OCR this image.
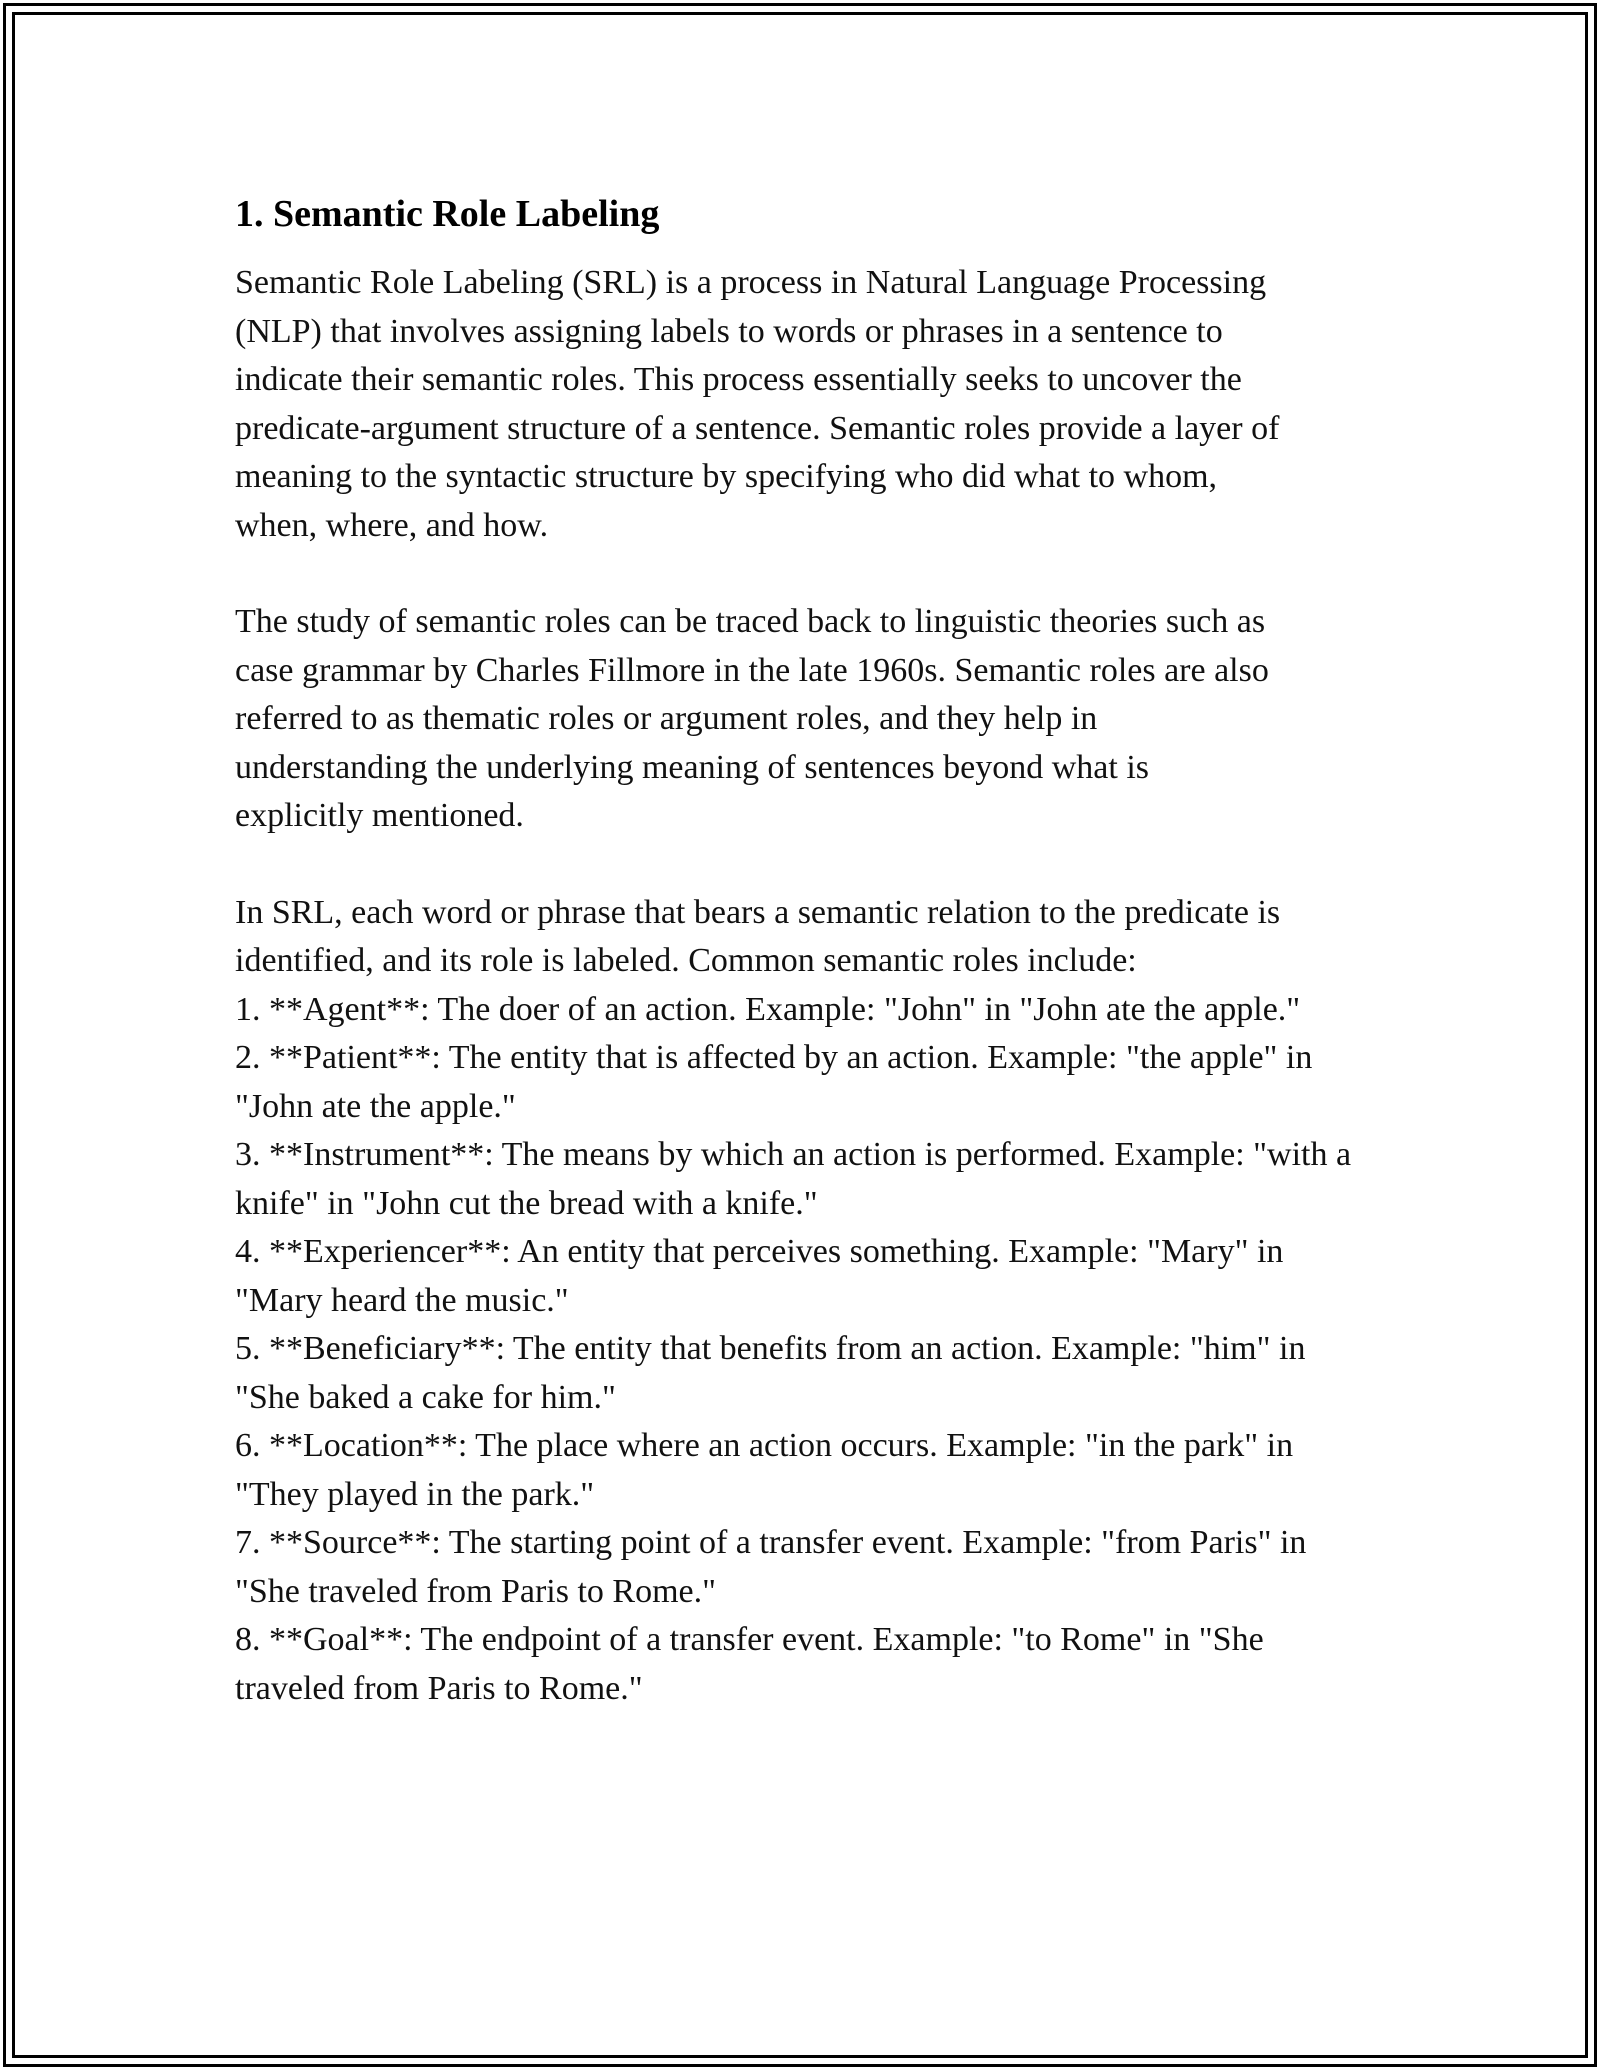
1. Semantic Role Labeling

Semantic Role Labeling (SRL) is a process in Natural Language Processing
(NLP) that involves assigning labels to words or phrases in a sentence to
indicate their semantic roles. This process essentially seeks to uncover the
predicate-argument structure of a sentence. Semantic roles provide a layer of
meaning to the syntactic structure by specifying who did what to whom,
when, where, and how.

The study of semantic roles can be traced back to linguistic theories such as
case grammar by Charles Fillmore in the late 1960s. Semantic roles are also
referred to as thematic roles or argument roles, and they help in
understanding the underlying meaning of sentences beyond what is
explicitly mentioned.

In SRL, each word or phrase that bears a semantic relation to the predicate is
identified, and its role is labeled. Common semantic roles include:

1. **Agent**: The doer of an action. Example: "John" in "John ate the apple."
2. **Patient**: The entity that is affected by an action. Example: "the apple" in "John ate the apple."
3. **Instrument**: The means by which an action is performed. Example: "with a knife" in "John cut the bread with a knife."
4. **Experiencer**: An entity that perceives something. Example: "Mary" in "Mary heard the music."
5. **Beneficiary**: The entity that benefits from an action. Example: "him" in "She baked a cake for him."
6. **Location**: The place where an action occurs. Example: "in the park" in "They played in the park."
7. **Source**: The starting point of a transfer event. Example: "from Paris" in "She traveled from Paris to Rome."
8. **Goal**: The endpoint of a transfer event. Example: "to Rome" in "She traveled from Paris to Rome."
